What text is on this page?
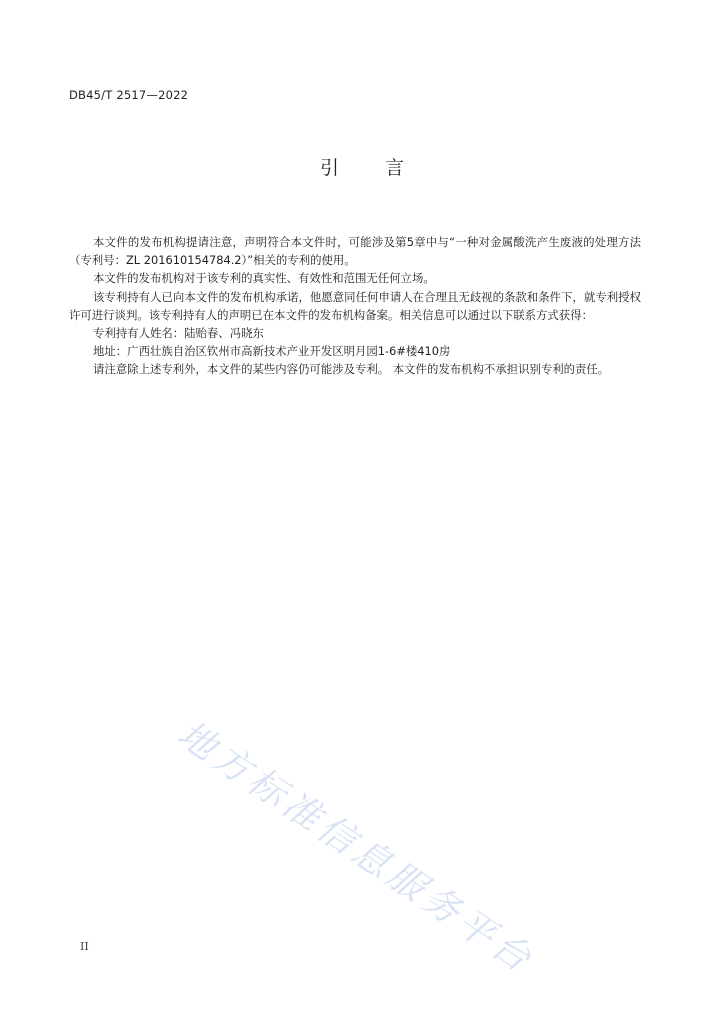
DB45/T 2517—2022
引 言

本文件的发布机构提请注意，声明符合本文件时，可能涉及第5章中与“一种对金属酸洗产生废液的处理方法（专利号：ZL 201610154784.2）”相关的专利的使用。

本文件的发布机构对于该专利的真实性、有效性和范围无任何立场。

该专利持有人已向本文件的发布机构承诺，他愿意同任何申请人在合理且无歧视的条款和条件下，就专利授权许可进行谈判。该专利持有人的声明已在本文件的发布机构备案。相关信息可以通过以下联系方式获得：

专利持有人姓名：陆贻春、冯晓东

地址：广西壮族自治区钦州市高新技术产业开发区明月园1-6#楼410房

请注意除上述专利外，本文件的某些内容仍可能涉及专利。 本文件的发布机构不承担识别专利的责任。

地方标准信息服务平台
II
